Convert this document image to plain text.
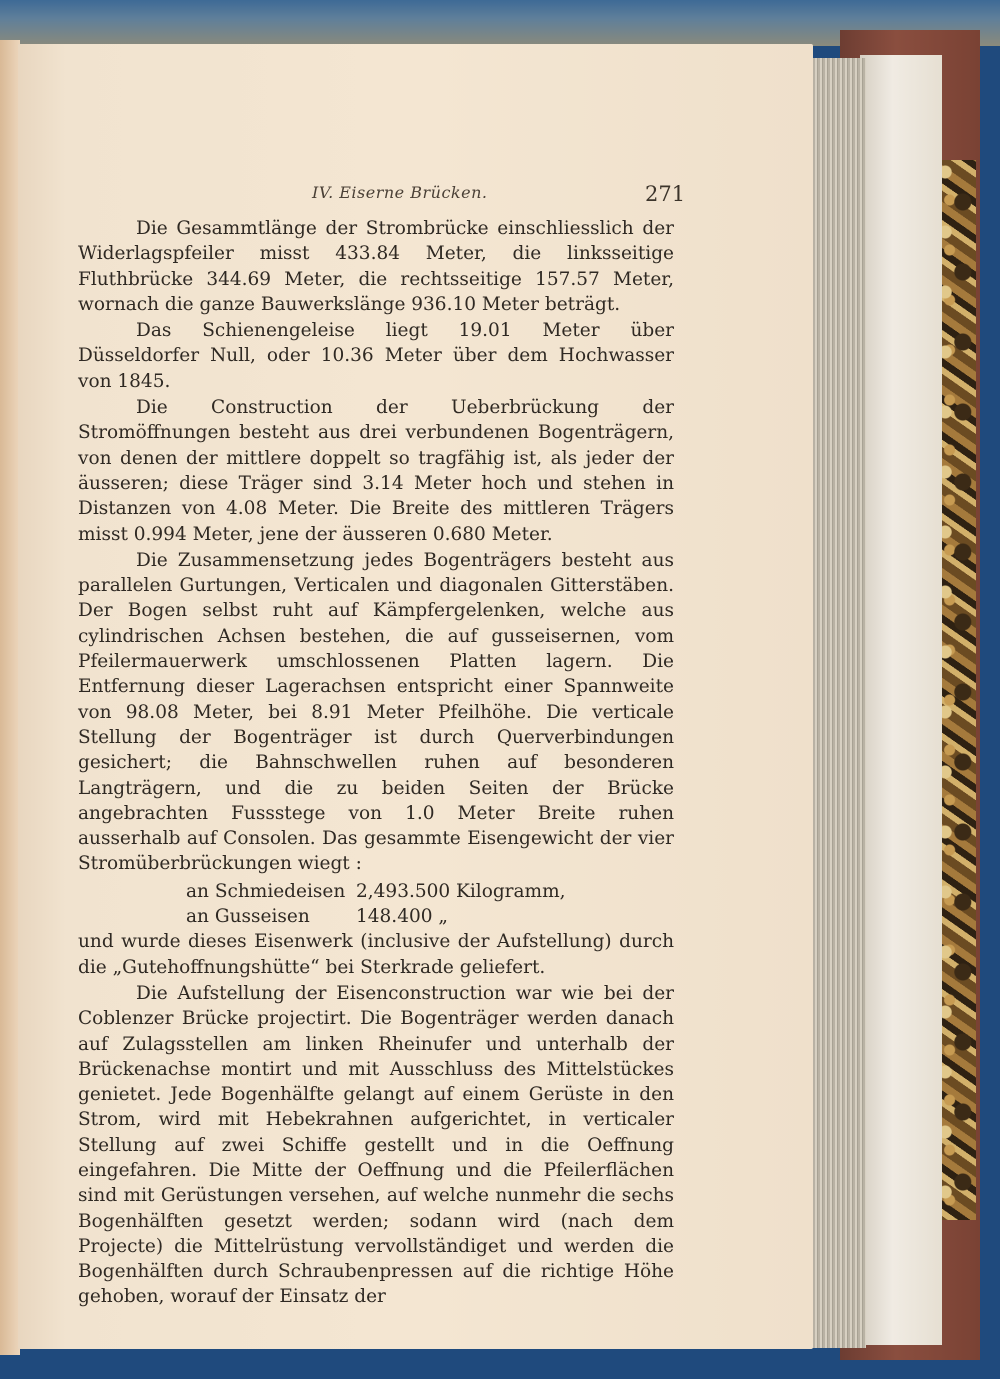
IV. Eiserne Brücken.	271

Die Gesammtlänge der Strombrücke einschliesslich der Widerlagspfeiler misst 433.84 Meter, die linksseitige Fluthbrücke 344.69 Meter, die rechtsseitige 157.57 Meter, wornach die ganze Bauwerkslänge 936.10 Meter beträgt.

Das Schienengeleise liegt 19.01 Meter über Düsseldorfer Null, oder 10.36 Meter über dem Hochwasser von 1845.

Die Construction der Ueberbrückung der Stromöffnungen besteht aus drei verbundenen Bogenträgern, von denen der mittlere doppelt so tragfähig ist, als jeder der äusseren; diese Träger sind 3.14 Meter hoch und stehen in Distanzen von 4.08 Meter. Die Breite des mittleren Trägers misst 0.994 Meter, jene der äusseren 0.680 Meter.

Die Zusammensetzung jedes Bogenträgers besteht aus parallelen Gurtungen, Verticalen und diagonalen Gitterstäben. Der Bogen selbst ruht auf Kämpfergelenken, welche aus cylindrischen Achsen bestehen, die auf gusseisernen, vom Pfeilermauerwerk umschlossenen Platten lagern. Die Entfernung dieser Lagerachsen entspricht einer Spannweite von 98.08 Meter, bei 8.91 Meter Pfeilhöhe. Die verticale Stellung der Bogenträger ist durch Querverbindungen gesichert; die Bahnschwellen ruhen auf besonderen Langträgern, und die zu beiden Seiten der Brücke angebrachten Fussstege von 1.0 Meter Breite ruhen ausserhalb auf Consolen. Das gesammte Eisengewicht der vier Stromüberbrückungen wiegt :

an Schmiedeisen 2,493.500 Kilogramm,
an Gusseisen	148.400 „

und wurde dieses Eisenwerk (inclusive der Aufstellung) durch die „Gutehoffnungshütte“ bei Sterkrade geliefert.

Die Aufstellung der Eisenconstruction war wie bei der Coblenzer Brücke projectirt. Die Bogenträger werden danach auf Zulagsstellen am linken Rheinufer und unterhalb der Brückenachse montirt und mit Ausschluss des Mittelstückes genietet. Jede Bogenhälfte gelangt auf einem Gerüste in den Strom, wird mit Hebekrahnen aufgerichtet, in verticaler Stellung auf zwei Schiffe gestellt und in die Oeffnung eingefahren. Die Mitte der Oeffnung und die Pfeilerflächen sind mit Gerüstungen versehen, auf welche nunmehr die sechs Bogenhälften gesetzt werden; sodann wird (nach dem Projecte) die Mittelrüstung vervollständiget und werden die Bogenhälften durch Schraubenpressen auf die richtige Höhe gehoben, worauf der Einsatz der
